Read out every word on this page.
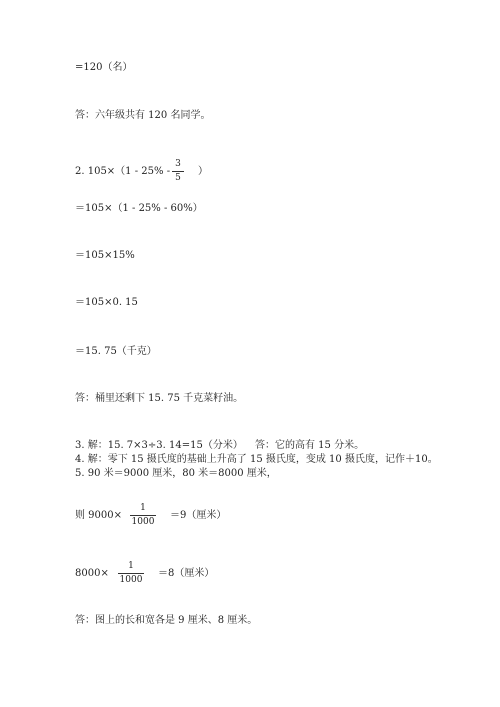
=120（名）
答：六年级共有 120 名同学。
2. 105×（1 - 25% -
3
5
）
＝105×（1 - 25% - 60%）
＝105×15%
＝105×0. 15
＝15. 75（千克）
答：桶里还剩下 15. 75 千克菜籽油。
3. 解：15. 7×3÷3. 14=15（分米） 答：它的高有 15 分米。
4. 解：零下 15 摄氏度的基础上升高了 15 摄氏度，变成 10 摄氏度，记作＋10。
5. 90 米＝9000 厘米，80 米＝8000 厘米，
则 9000×
1
1000
＝9（厘米）
8000×
1
1000
＝8（厘米）
答：图上的长和宽各是 9 厘米、8 厘米。
